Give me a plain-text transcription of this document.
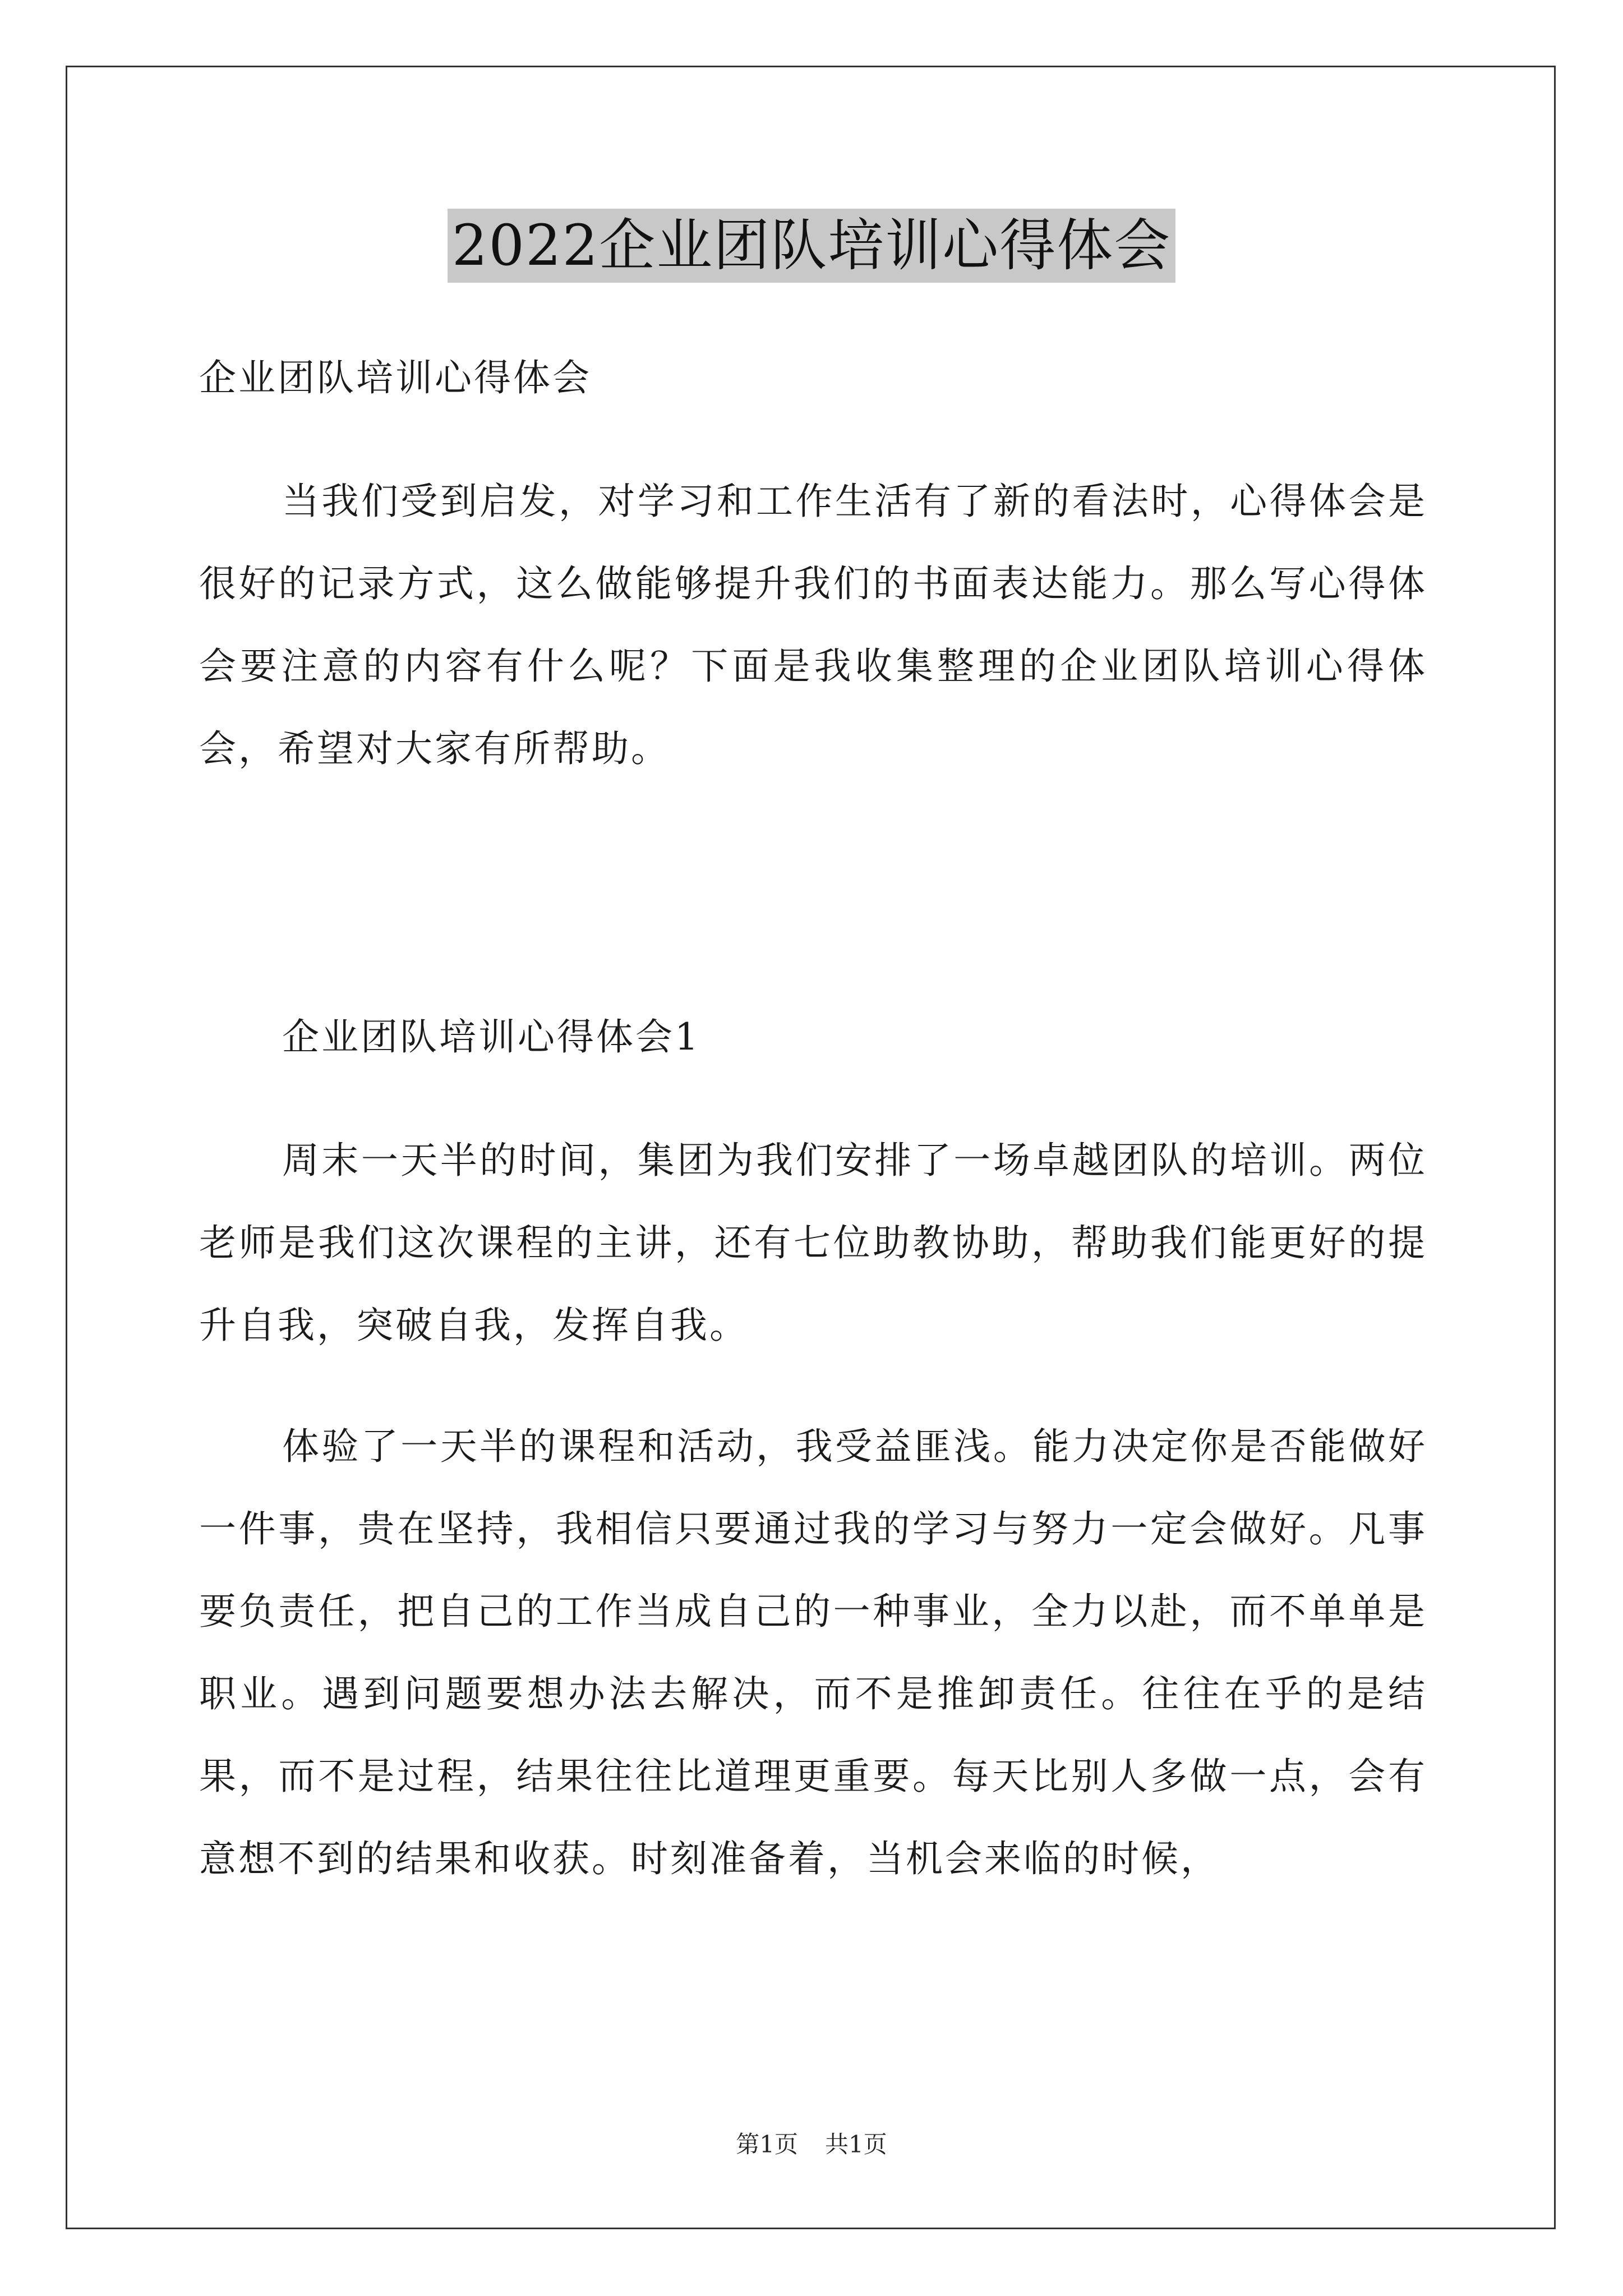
2022企业团队培训心得体会

企业团队培训心得体会

当我们受到启发，对学习和工作生活有了新的看法时，心得体会是很好的记录方式，这么做能够提升我们的书面表达能力。那么写心得体会要注意的内容有什么呢？下面是我收集整理的企业团队培训心得体会，希望对大家有所帮助。

企业团队培训心得体会1

周末一天半的时间，集团为我们安排了一场卓越团队的培训。两位老师是我们这次课程的主讲，还有七位助教协助，帮助我们能更好的提升自我，突破自我，发挥自我。

体验了一天半的课程和活动，我受益匪浅。能力决定你是否能做好一件事，贵在坚持，我相信只要通过我的学习与努力一定会做好。凡事要负责任，把自己的工作当成自己的一种事业，全力以赴，而不单单是职业。遇到问题要想办法去解决，而不是推卸责任。往往在乎的是结果，而不是过程，结果往往比道理更重要。每天比别人多做一点，会有意想不到的结果和收获。时刻准备着，当机会来临的时候，

第1页 共1页
